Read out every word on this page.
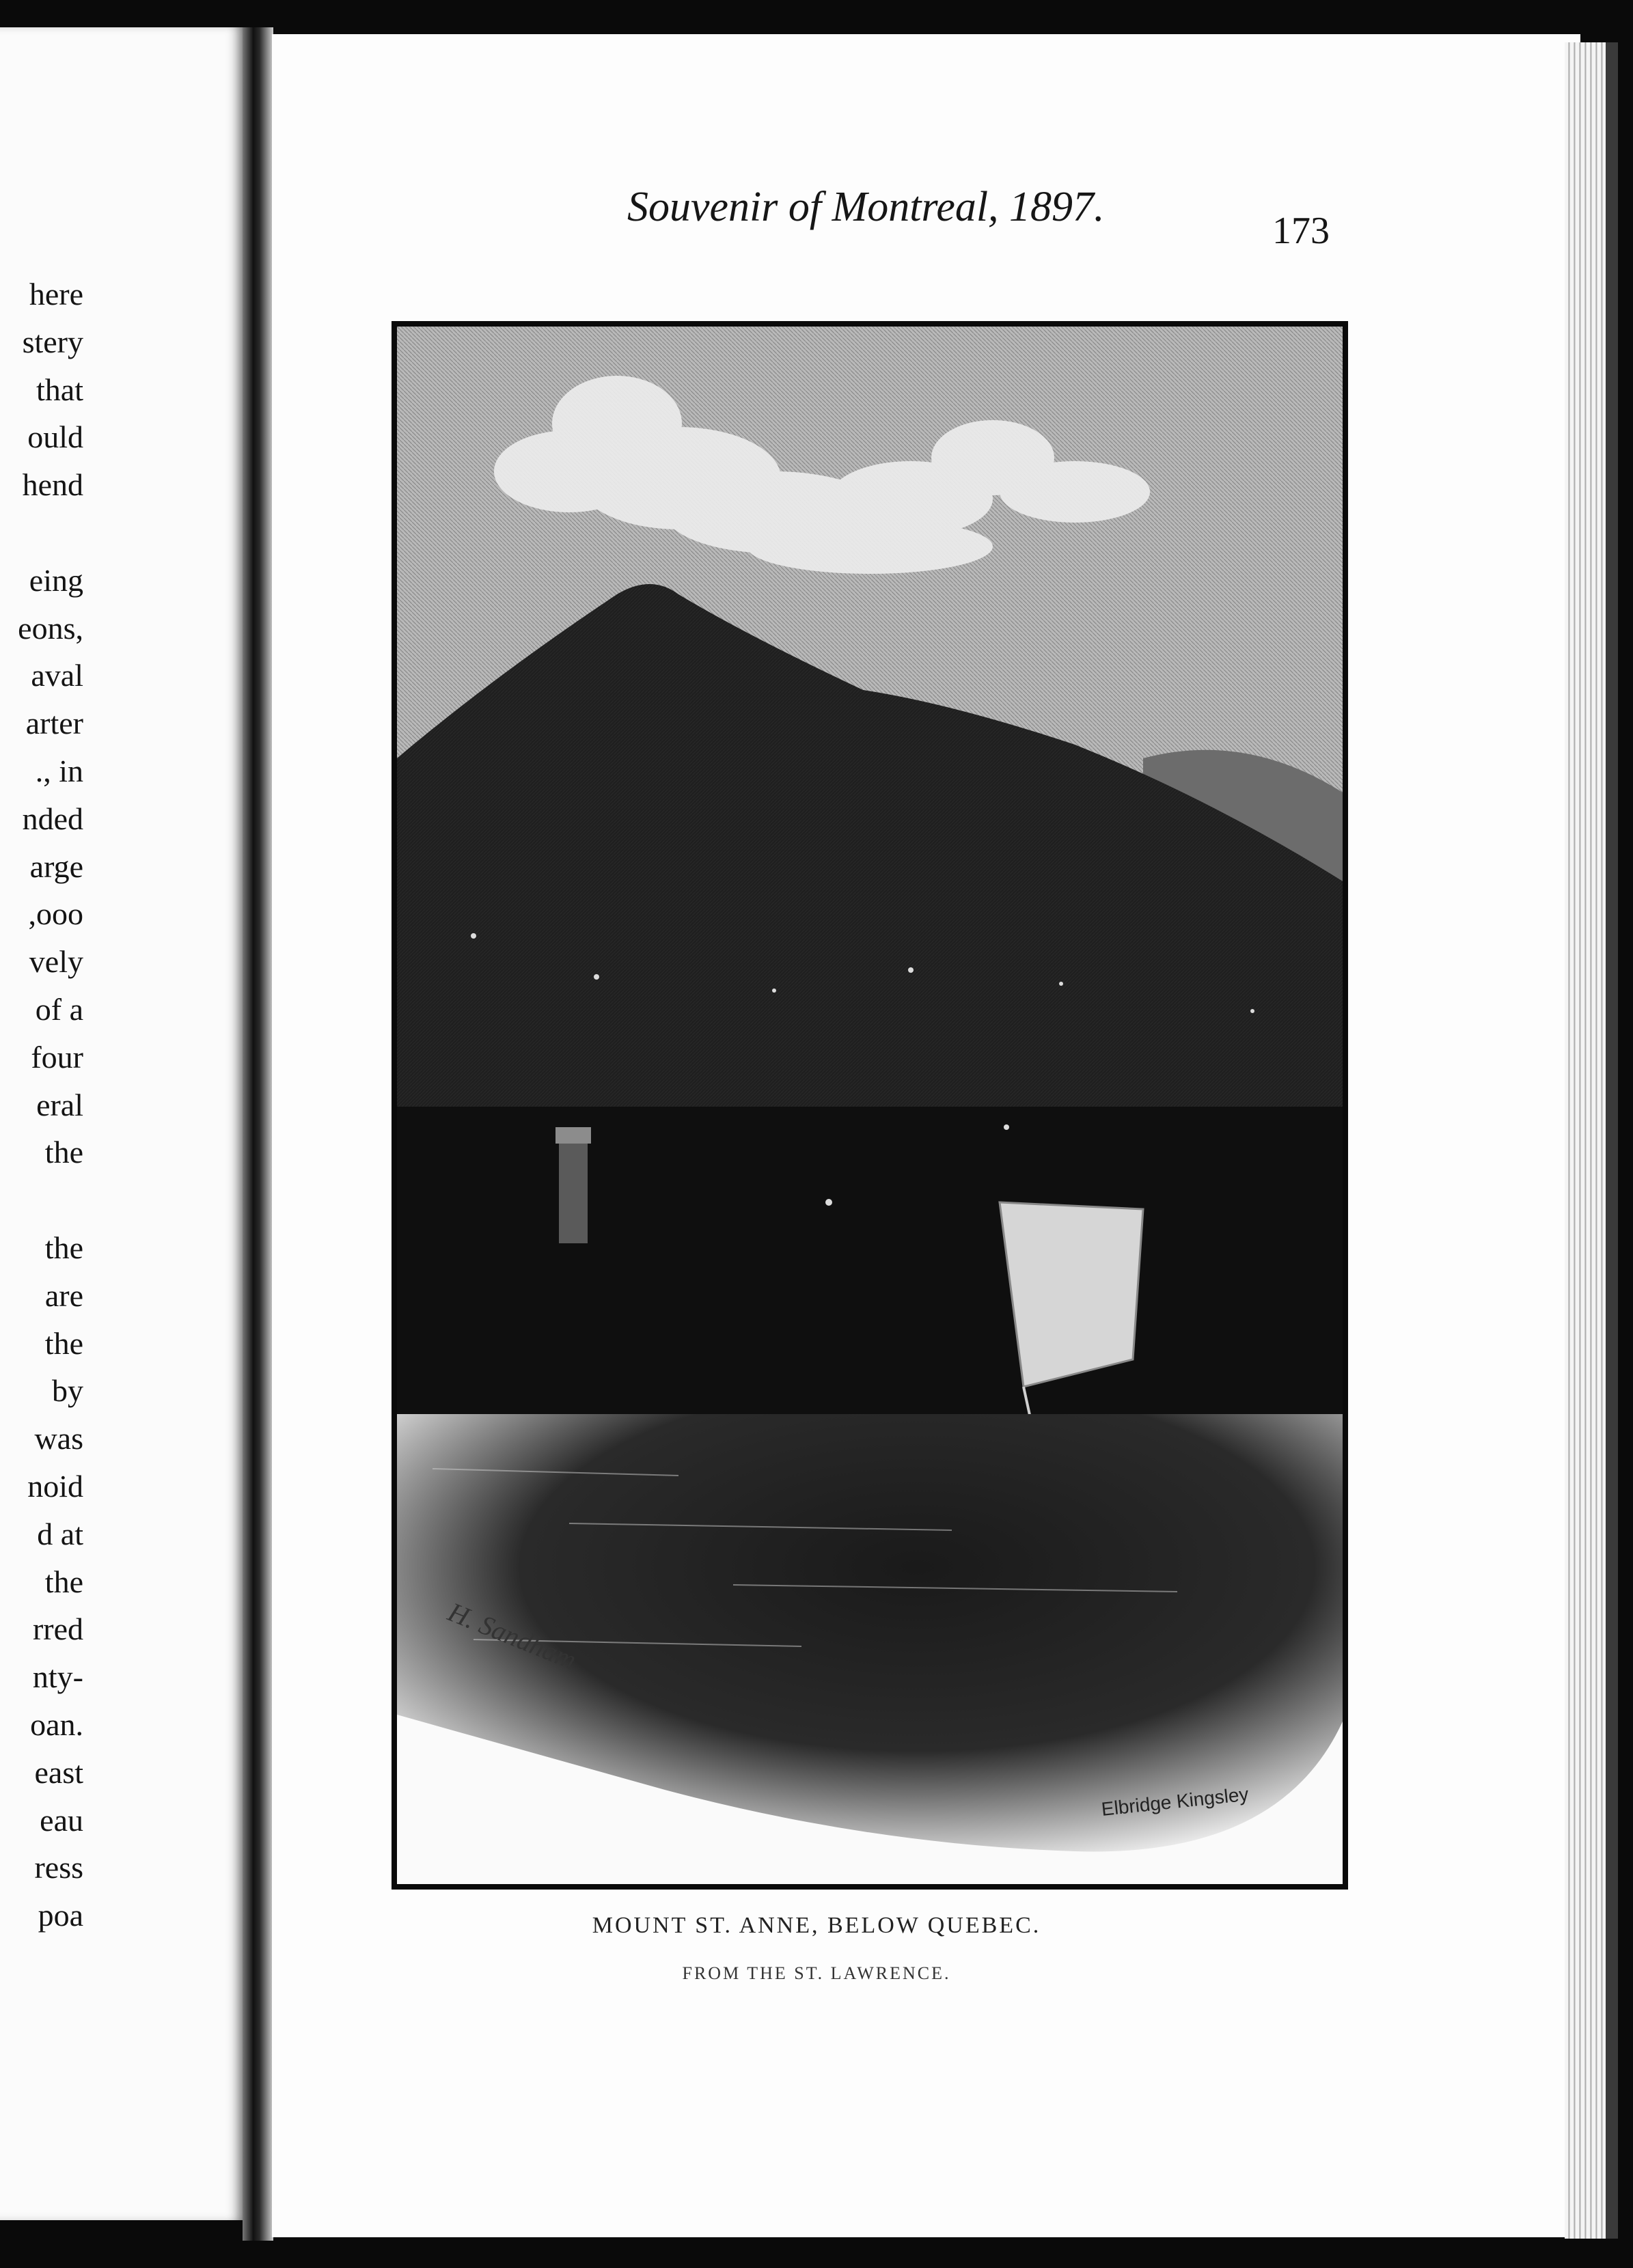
here
stery
that
ould
hend
eing
eons,
aval
arter
., in
nded
arge
,ooo
vely
of a
four
eral
the
the
are
the
by
was
noid
d at
the
rred
nty-
oan.
east
eau
ress
poa
Souvenir of Montreal, 1897.
173
H. Sandham
Elbridge Kingsley
MOUNT ST. ANNE, BELOW QUEBEC.
FROM THE ST. LAWRENCE.
